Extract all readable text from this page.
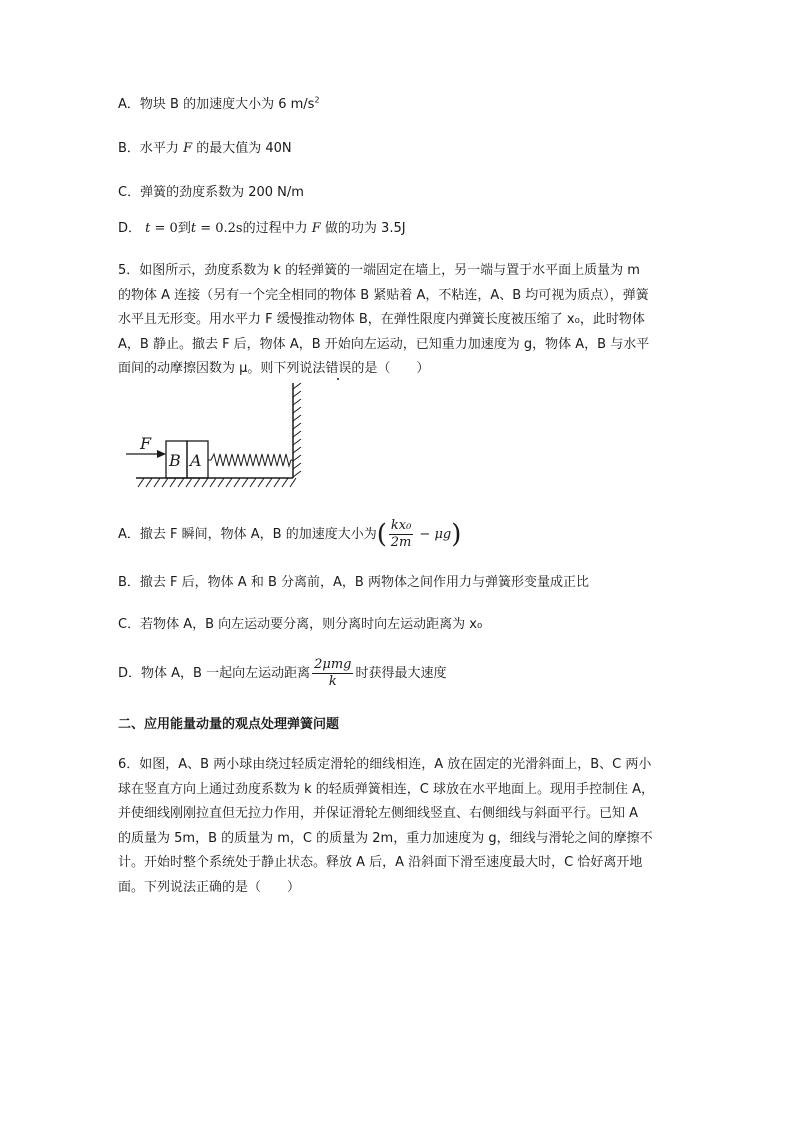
A．物块 B 的加速度大小为 6 $m/s^2$
B．水平力 F 的最大值为 40N
C．弹簧的劲度系数为 200 N/m
D． t = 0到t = 0.2s的过程中力 F 做的功为 3.5J
5．如图所示，劲度系数为 k 的轻弹簧的一端固定在墙上，另一端与置于水平面上质量为 m
的物体 A 连接（另有一个完全相同的物体 B 紧贴着 A，不粘连，A、B 均可视为质点），弹簧
水平且无形变。用水平力 F 缓慢推动物体 B，在弹性限度内弹簧长度被压缩了 x₀，此时物体
A，B 静止。撤去 F 后，物体 A，B 开始向左运动，已知重力加速度为 g，物体 A，B 与水平
面间的动摩擦因数为 μ。则下列说法错误的是（　　）
F
B A
A．撤去 F 瞬间，物体 A，B 的加速度大小为( $\frac{\text{kx₀}}{2m} - \mu g$)
B．撤去 F 后，物体 A 和 B 分离前，A，B 两物体之间作用力与弹簧形变量成正比
C．若物体 A，B 向左运动要分离，则分离时向左运动距离为 x₀
D．物体 A，B 一起向左运动距离 $\frac{\text{2μmg}}{k}$ 时获得最大速度
二、应用能量动量的观点处理弹簧问题
6．如图，A、B 两小球由绕过轻质定滑轮的细线相连，A 放在固定的光滑斜面上，B、C 两小
球在竖直方向上通过劲度系数为 k 的轻质弹簧相连，C 球放在水平地面上。现用手控制住 A，
并使细线刚刚拉直但无拉力作用，并保证滑轮左侧细线竖直、右侧细线与斜面平行。已知 A
的质量为 5m，B 的质量为 m，C 的质量为 2m，重力加速度为 g，细线与滑轮之间的摩擦不
计。开始时整个系统处于静止状态。释放 A 后，A 沿斜面下滑至速度最大时，C 恰好离开地
面。下列说法正确的是（　　）
